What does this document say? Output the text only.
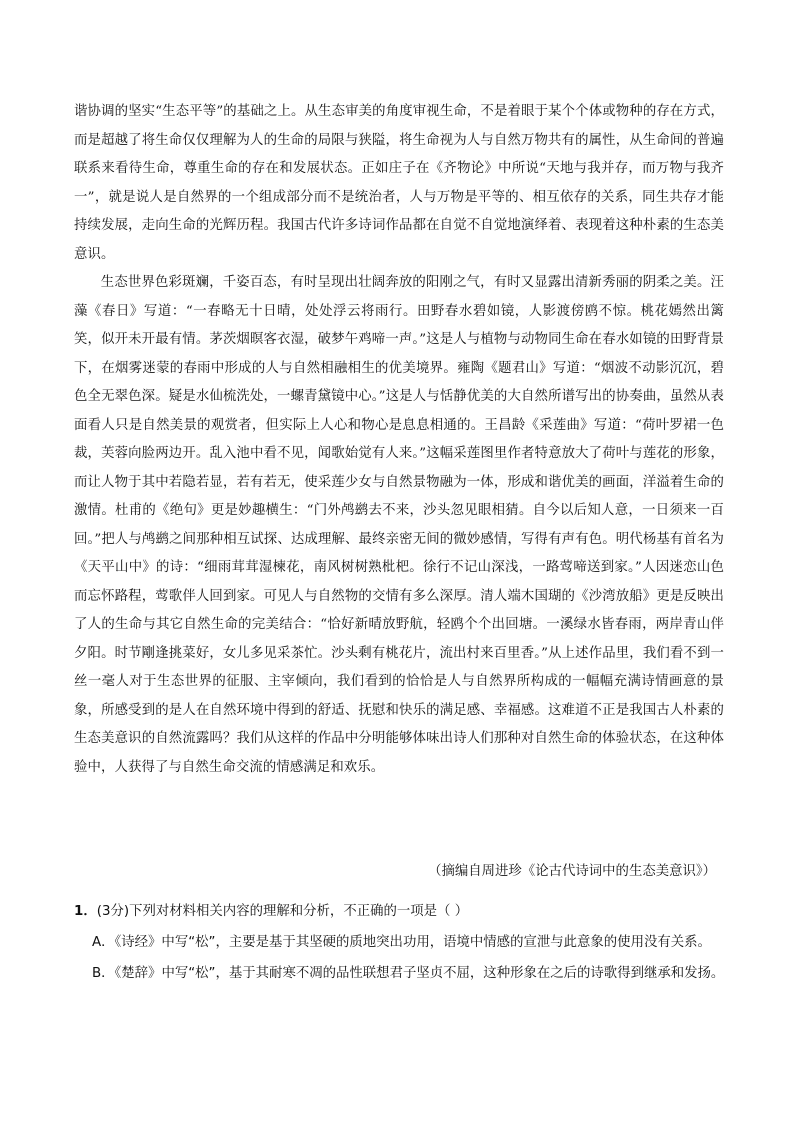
谐协调的坚实“生态平等”的基础之上。从生态审美的角度审视生命，不是着眼于某个个体或物种的存在方式，而是超越了将生命仅仅理解为人的生命的局限与狭隘，将生命视为人与自然万物共有的属性，从生命间的普遍联系来看待生命，尊重生命的存在和发展状态。正如庄子在《齐物论》中所说“天地与我并存，而万物与我齐一”，就是说人是自然界的一个组成部分而不是统治者，人与万物是平等的、相互依存的关系，同生共存才能持续发展，走向生命的光辉历程。我国古代许多诗词作品都在自觉不自觉地演绎着、表现着这种朴素的生态美意识。

生态世界色彩斑斓，千姿百态，有时呈现出壮阔奔放的阳刚之气，有时又显露出清新秀丽的阴柔之美。汪藻《春日》写道：“一春略无十日晴，处处浮云将雨行。田野春水碧如镜，人影渡傍鸥不惊。桃花嫣然出篱笑，似开未开最有情。茅茨烟暝客衣湿，破梦午鸡啼一声。”这是人与植物与动物同生命在春水如镜的田野背景下，在烟雾迷蒙的春雨中形成的人与自然相融相生的优美境界。雍陶《题君山》写道：“烟波不动影沉沉，碧色全无翠色深。疑是水仙梳洗处，一螺青黛镜中心。”这是人与恬静优美的大自然所谱写出的协奏曲，虽然从表面看人只是自然美景的观赏者，但实际上人心和物心是息息相通的。王昌龄《采莲曲》写道：“荷叶罗裙一色裁，芙蓉向脸两边开。乱入池中看不见，闻歌始觉有人来。”这幅采莲图里作者特意放大了荷叶与莲花的形象，而让人物于其中若隐若显，若有若无，使采莲少女与自然景物融为一体，形成和谐优美的画面，洋溢着生命的激情。杜甫的《绝句》更是妙趣横生：“门外鸬鹚去不来，沙头忽见眼相猜。自今以后知人意，一日须来一百回。”把人与鸬鹚之间那种相互试探、达成理解、最终亲密无间的微妙感情，写得有声有色。明代杨基有首名为《天平山中》的诗：“细雨茸茸湿楝花，南风树树熟枇杷。徐行不记山深浅，一路莺啼送到家。”人因迷恋山色而忘怀路程，莺歌伴人回到家。可见人与自然物的交情有多么深厚。清人端木国瑚的《沙湾放船》更是反映出了人的生命与其它自然生命的完美结合：“恰好新晴放野航，轻鸥个个出回塘。一溪绿水皆春雨，两岸青山伴夕阳。时节剛逢挑菜好，女儿多见采茶忙。沙头剩有桃花片，流出村来百里香。”从上述作品里，我们看不到一丝一毫人对于生态世界的征服、主宰倾向，我们看到的恰恰是人与自然界所构成的一幅幅充满诗情画意的景象，所感受到的是人在自然环境中得到的舒适、抚慰和快乐的满足感、幸福感。这难道不正是我国古人朴素的生态美意识的自然流露吗？我们从这样的作品中分明能够体味出诗人们那种对自然生命的体验状态，在这种体验中，人获得了与自然生命交流的情感满足和欢乐。

（摘编自周进珍《论古代诗词中的生态美意识》）

1．(3分)下列对材料相关内容的理解和分析，不正确的一项是（ ）

A．《诗经》中写“松”，主要是基于其坚硬的质地突出功用，语境中情感的宣泄与此意象的使用没有关系。

B．《楚辞》中写“松”，基于其耐寒不凋的品性联想君子坚贞不屈，这种形象在之后的诗歌得到继承和发扬。
